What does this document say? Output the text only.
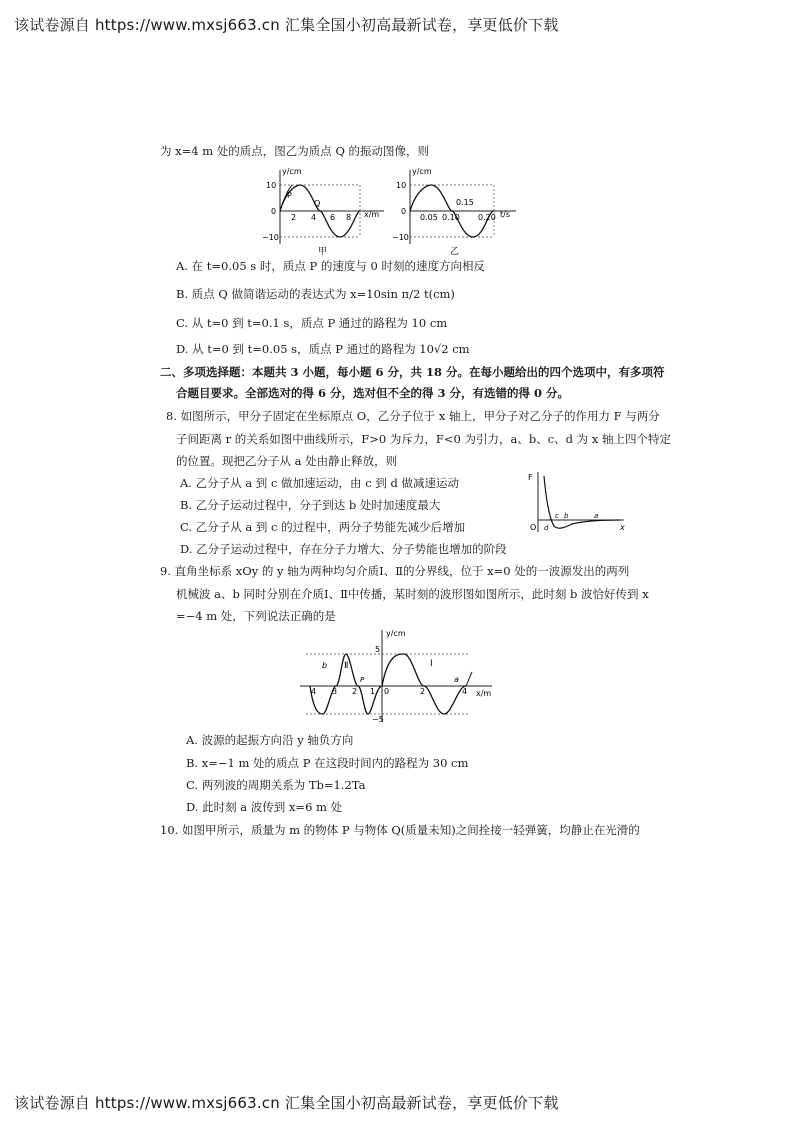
该试卷源自 https://www.mxsj663.cn 汇集全国小初高最新试卷，享更低价下载
为 x=4 m 处的质点，图乙为质点 Q 的振动图像，则
y/cm
x/m
10
0
−10
2 4 6 8
P
Q
甲
y/cm
t/s
10
0
−10
0.05 0.10
0.15
0.20
乙
A. 在 t=0.05 s 时，质点 P 的速度与 0 时刻的速度方向相反
B. 质点 Q 做简谐运动的表达式为 x=10sin π/2 t(cm)
C. 从 t=0 到 t=0.1 s，质点 P 通过的路程为 10 cm
D. 从 t=0 到 t=0.05 s，质点 P 通过的路程为 10√2 cm
二、多项选择题：本题共 3 小题，每小题 6 分，共 18 分。在每小题给出的四个选项中，有多项符
合题目要求。全部选对的得 6 分，选对但不全的得 3 分，有选错的得 0 分。
8. 如图所示，甲分子固定在坐标原点 O，乙分子位于 x 轴上，甲分子对乙分子的作用力 F 与两分
子间距离 r 的关系如图中曲线所示，F>0 为斥力，F<0 为引力，a、b、c、d 为 x 轴上四个特定
的位置。现把乙分子从 a 处由静止释放，则
A. 乙分子从 a 到 c 做加速运动，由 c 到 d 做减速运动
B. 乙分子运动过程中，分子到达 b 处时加速度最大
C. 乙分子从 a 到 c 的过程中，两分子势能先减少后增加
D. 乙分子运动过程中，存在分子力增大、分子势能也增加的阶段
F
O	x
d
c b	a
9. 直角坐标系 xOy 的 y 轴为两种均匀介质Ⅰ、Ⅱ的分界线，位于 x=0 处的一波源发出的两列
机械波 a、b 同时分别在介质Ⅰ、Ⅱ中传播，某时刻的波形图如图所示，此时刻 b 波恰好传到 x
=−4 m 处，下列说法正确的是
y/cm
x/m
5
−5
4 3 2 1 0	2	4
Ⅱ	Ⅰ
b
a
P
A. 波源的起振方向沿 y 轴负方向
B. x=−1 m 处的质点 P 在这段时间内的路程为 30 cm
C. 两列波的周期关系为 Tb=1.2Ta
D. 此时刻 a 波传到 x=6 m 处
10. 如图甲所示，质量为 m 的物体 P 与物体 Q(质量未知)之间拴接一轻弹簧，均静止在光滑的
该试卷源自 https://www.mxsj663.cn 汇集全国小初高最新试卷，享更低价下载
